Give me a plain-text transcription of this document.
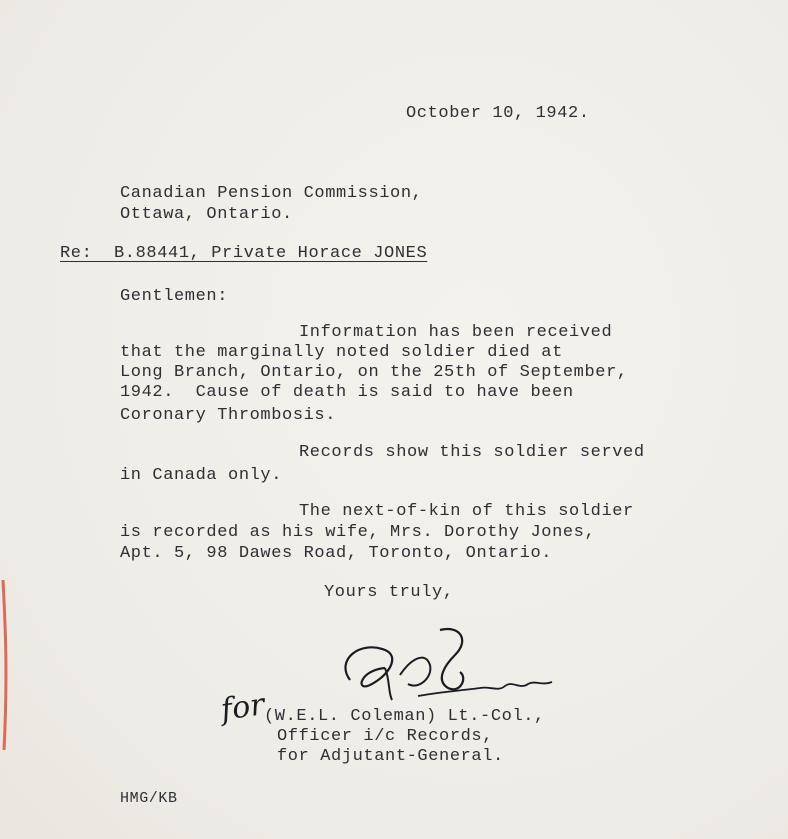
October 10, 1942.
Canadian Pension Commission,
Ottawa, Ontario.
Re:  B.88441, Private Horace JONES
Gentlemen:
Information has been received
that the marginally noted soldier died at
Long Branch, Ontario, on the 25th of September,
1942.  Cause of death is said to have been
Coronary Thrombosis.
Records show this soldier served
in Canada only.
The next-of-kin of this soldier
is recorded as his wife, Mrs. Dorothy Jones,
Apt. 5, 98 Dawes Road, Toronto, Ontario.
Yours truly,
for
(W.E.L. Coleman) Lt.-Col.,
Officer i/c Records,
for Adjutant-General.
HMG/KB
